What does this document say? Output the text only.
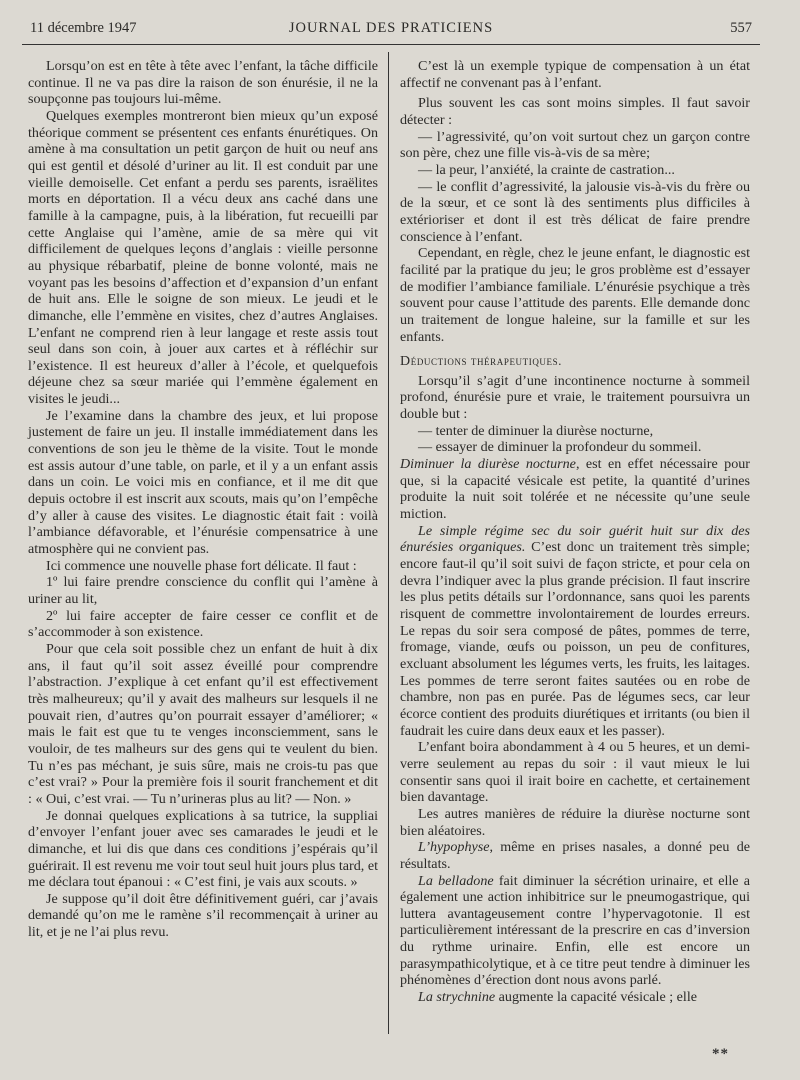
11 décembre 1947	JOURNAL DES PRATICIENS	557

Lorsqu’on est en tête à tête avec l’enfant, la tâche difficile continue. Il ne va pas dire la raison de son énurésie, il ne la soupçonne pas toujours lui-même.

Quelques exemples montreront bien mieux qu’un exposé théorique comment se présentent ces enfants énurétiques. On amène à ma consultation un petit garçon de huit ou neuf ans qui est gentil et désolé d’uriner au lit. Il est conduit par une vieille demoiselle. Cet enfant a perdu ses parents, israëlites morts en déportation. Il a vécu deux ans caché dans une famille à la campagne, puis, à la libération, fut recueilli par cette Anglaise qui l’amène, amie de sa mère qui vit difficilement de quelques leçons d’anglais : vieille personne au physique rébarbatif, pleine de bonne volonté, mais ne voyant pas les besoins d’affection et d’expansion d’un enfant de huit ans. Elle le soigne de son mieux. Le jeudi et le dimanche, elle l’emmène en visites, chez d’autres Anglaises. L’enfant ne comprend rien à leur langage et reste assis tout seul dans son coin, à jouer aux cartes et à réfléchir sur l’existence. Il est heureux d’aller à l’école, et quelquefois déjeune chez sa sœur mariée qui l’emmène également en visites le jeudi...

Je l’examine dans la chambre des jeux, et lui propose justement de faire un jeu. Il installe immédiatement dans les conventions de son jeu le thème de la visite. Tout le monde est assis autour d’une table, on parle, et il y a un enfant assis dans un coin. Le voici mis en confiance, et il me dit que depuis octobre il est inscrit aux scouts, mais qu’on l’empêche d’y aller à cause des visites. Le diagnostic était fait : voilà l’ambiance défavorable, et l’énurésie compensatrice à une atmosphère qui ne convient pas.

Ici commence une nouvelle phase fort délicate. Il faut :

1º lui faire prendre conscience du conflit qui l’amène à uriner au lit,

2º lui faire accepter de faire cesser ce conflit et de s’accommoder à son existence.

Pour que cela soit possible chez un enfant de huit à dix ans, il faut qu’il soit assez éveillé pour comprendre l’abstraction. J’explique à cet enfant qu’il est effectivement très malheureux; qu’il y avait des malheurs sur lesquels il ne pouvait rien, d’autres qu’on pourrait essayer d’améliorer; « mais le fait est que tu te venges inconsciemment, sans le vouloir, de tes malheurs sur des gens qui te veulent du bien. Tu n’es pas méchant, je suis sûre, mais ne crois-tu pas que c’est vrai? » Pour la première fois il sourit franchement et dit : « Oui, c’est vrai. — Tu n’urineras plus au lit? — Non. »

Je donnai quelques explications à sa tutrice, la suppliai d’envoyer l’enfant jouer avec ses camarades le jeudi et le dimanche, et lui dis que dans ces conditions j’espérais qu’il guérirait. Il est revenu me voir tout seul huit jours plus tard, et me déclara tout épanoui : « C’est fini, je vais aux scouts. »

Je suppose qu’il doit être définitivement guéri, car j’avais demandé qu’on me le ramène s’il recommençait à uriner au lit, et je ne l’ai plus revu.

C’est là un exemple typique de compensation à un état affectif ne convenant pas à l’enfant.

Plus souvent les cas sont moins simples. Il faut savoir détecter :

— l’agressivité, qu’on voit surtout chez un garçon contre son père, chez une fille vis-à-vis de sa mère;

— la peur, l’anxiété, la crainte de castration...

— le conflit d’agressivité, la jalousie vis-à-vis du frère ou de la sœur, et ce sont là des sentiments plus difficiles à extérioriser et dont il est très délicat de faire prendre conscience à l’enfant.

Cependant, en règle, chez le jeune enfant, le diagnostic est facilité par la pratique du jeu; le gros problème est d’essayer de modifier l’ambiance familiale. L’énurésie psychique a très souvent pour cause l’attitude des parents. Elle demande donc un traitement de longue haleine, sur la famille et sur les enfants.

Déductions thérapeutiques.

Lorsqu’il s’agit d’une incontinence nocturne à sommeil profond, énurésie pure et vraie, le traitement poursuivra un double but :

— tenter de diminuer la diurèse nocturne,

— essayer de diminuer la profondeur du sommeil.

Diminuer la diurèse nocturne, est en effet nécessaire pour que, si la capacité vésicale est petite, la quantité d’urines produite la nuit soit tolérée et ne nécessite qu’une seule miction.

Le simple régime sec du soir guérit huit sur dix des énurésies organiques. C’est donc un traitement très simple; encore faut-il qu’il soit suivi de façon stricte, et pour cela on devra l’indiquer avec la plus grande précision. Il faut inscrire les plus petits détails sur l’ordonnance, sans quoi les parents risquent de commettre involontairement de lourdes erreurs. Le repas du soir sera composé de pâtes, pommes de terre, fromage, viande, œufs ou poisson, un peu de confitures, excluant absolument les légumes verts, les fruits, les laitages. Les pommes de terre seront faites sautées ou en robe de chambre, non pas en purée. Pas de légumes secs, car leur écorce contient des produits diurétiques et irritants (ou bien il faudrait les cuire dans deux eaux et les passer).

L’enfant boira abondamment à 4 ou 5 heures, et un demi-verre seulement au repas du soir : il vaut mieux le lui consentir sans quoi il irait boire en cachette, et certainement bien davantage.

Les autres manières de réduire la diurèse nocturne sont bien aléatoires.

L’hypophyse, même en prises nasales, a donné peu de résultats.

La belladone fait diminuer la sécrétion urinaire, et elle a également une action inhibitrice sur le pneumogastrique, qui luttera avantageusement contre l’hypervagotonie. Il est particulièrement intéressant de la prescrire en cas d’inversion du rythme urinaire. Enfin, elle est encore un parasympathicolytique, et à ce titre peut tendre à diminuer les phénomènes d’érection dont nous avons parlé.

La strychnine augmente la capacité vésicale ; elle

**
